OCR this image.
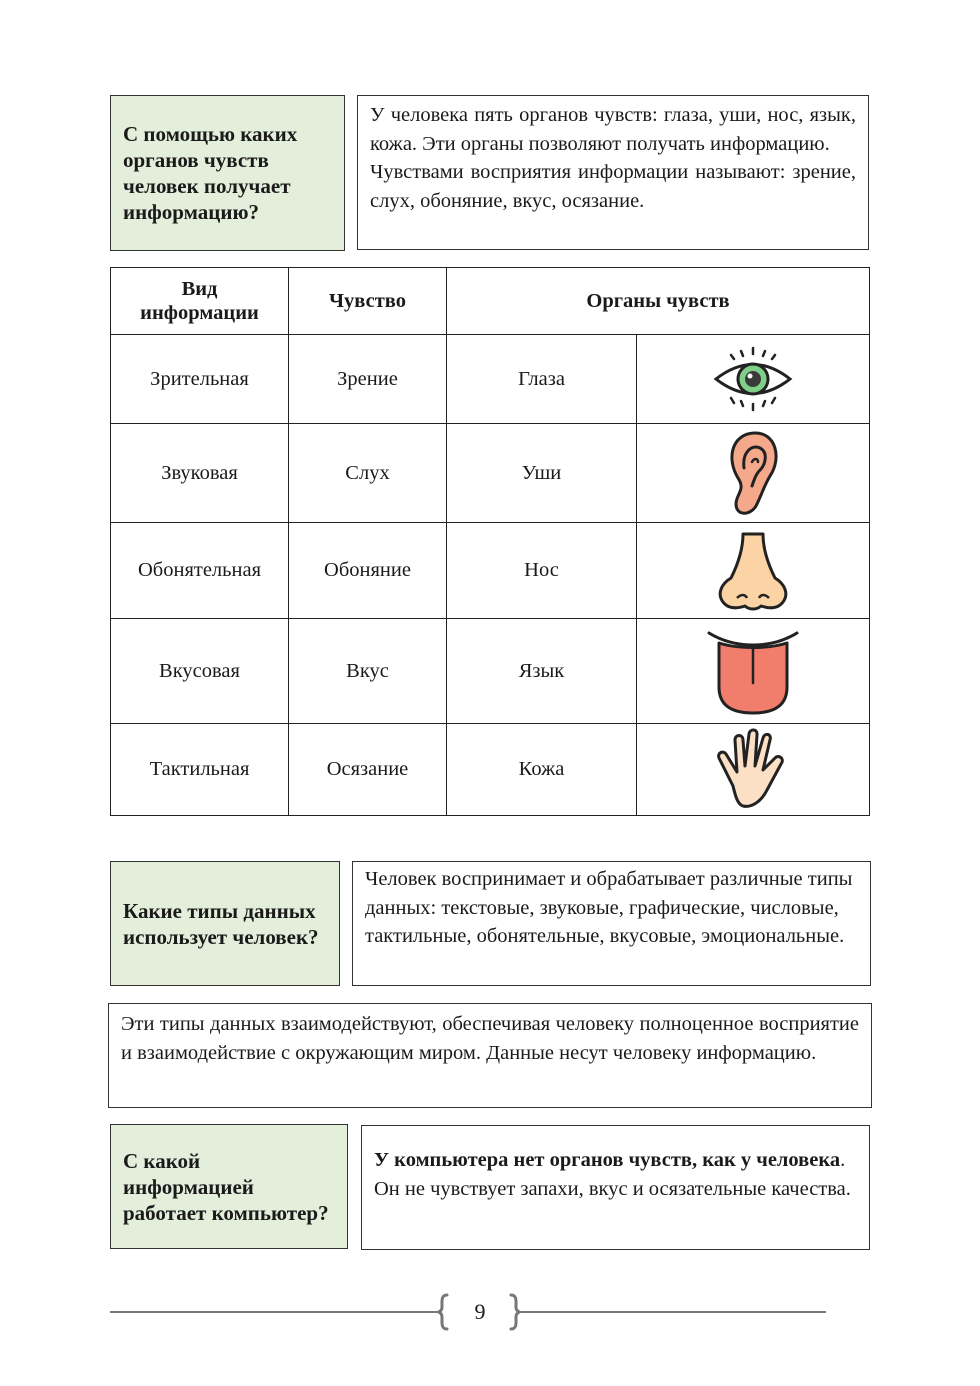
С помощью каких органов чувств человек получает информацию?

У человека пять органов чувств: глаза, уши, нос, язык, кожа. Эти органы позволяют получать информацию.

Чувствами восприятия информации называют: зрение, слух, обоняние, вкус, осязание.

Вид информации	Чувство	Органы чувств	
Зрительная	Зрение	Глаза	

Звуковая	Слух	Уши	

Обонятельная	Обоняние	Нос	

Вкусовая	Вкус	Язык	

Тактильная	Осязание	Кожа	
Какие типы данных использует человек?

Человек воспринимает и обрабатывает различные типы данных: текстовые, звуковые, графические, числовые, тактильные, обонятельные, вкусовые, эмоциональные.

Эти типы данных взаимодействуют, обеспечивая человеку полноценное восприятие и взаимодействие с окружающим миром. Данные несут человеку информацию.

С какой информацией работает компьютер?

У компьютера нет органов чувств, как у человека. Он не чувствует запахи, вкус и осязательные качества.

9
